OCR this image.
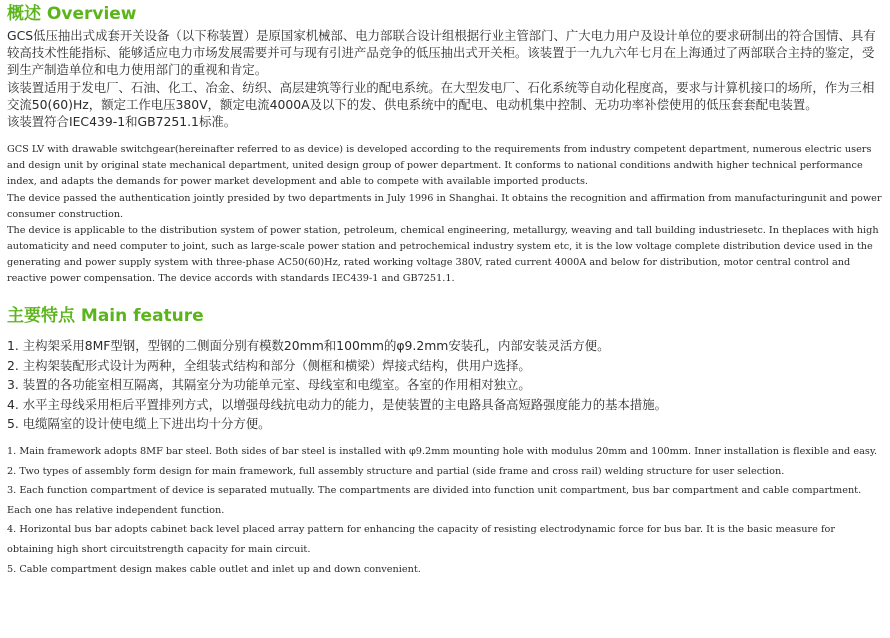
概述 Overview

GCS低压抽出式成套开关设备（以下称装置）是原国家机械部、电力部联合设计组根据行业主管部门、广大电力用户及设计单位的要求研制出的符合国情、具有较高技术性能指标、能够适应电力市场发展需要并可与现有引进产品竞争的低压抽出式开关柜。该装置于一九九六年七月在上海通过了两部联合主持的鉴定，受到生产制造单位和电力使用部门的重视和肯定。

该装置适用于发电厂、石油、化工、冶金、纺织、高层建筑等行业的配电系统。在大型发电厂、石化系统等自动化程度高，要求与计算机接口的场所，作为三相交流50(60)Hz，额定工作电压380V，额定电流4000A及以下的发、供电系统中的配电、电动机集中控制、无功功率补偿使用的低压套套配电装置。

该装置符合IEC439-1和GB7251.1标准。

GCS LV with drawable switchgear(hereinafter referred to as device) is developed according to the requirements from industry competent department, numerous electric users and design unit by original state mechanical department, united design group of power department. It conforms to national conditions andwith higher technical performance index, and adapts the demands for power market development and able to compete with available imported products.

The device passed the authentication jointly presided by two departments in July 1996 in Shanghai. It obtains the recognition and affirmation from manufacturingunit and power consumer construction.

The device is applicable to the distribution system of power station, petroleum, chemical engineering, metallurgy, weaving and tall building industriesetc. In theplaces with high automaticity and need computer to joint, such as large-scale power station and petrochemical industry system etc, it is the low voltage complete distribution device used in the generating and power supply system with three-phase AC50(60)Hz, rated working voltage 380V, rated current 4000A and below for distribution, motor central control and reactive power compensation. The device accords with standards IEC439-1 and GB7251.1.

主要特点 Main feature

1. 主构架采用8MF型钢，型钢的二侧面分别有模数20mm和100mm的φ9.2mm安装孔，内部安装灵活方便。

2. 主构架装配形式设计为两种，全组装式结构和部分（侧框和横梁）焊接式结构，供用户选择。

3. 装置的各功能室相互隔离，其隔室分为功能单元室、母线室和电缆室。各室的作用相对独立。

4. 水平主母线采用柜后平置排列方式，以增强母线抗电动力的能力，是使装置的主电路具备高短路强度能力的基本措施。

5. 电缆隔室的设计使电缆上下进出均十分方便。

1. Main framework adopts 8MF bar steel. Both sides of bar steel is installed with φ9.2mm mounting hole with modulus 20mm and 100mm. Inner installation is flexible and easy.

2. Two types of assembly form design for main framework, full assembly structure and partial (side frame and cross rail) welding structure for user selection.

3. Each function compartment of device is separated mutually. The compartments are divided into function unit compartment, bus bar compartment and cable compartment. Each one has relative independent function.

4. Horizontal bus bar adopts cabinet back level placed array pattern for enhancing the capacity of resisting electrodynamic force for bus bar. It is the basic measure for obtaining high short circuitstrength capacity for main circuit.

5. Cable compartment design makes cable outlet and inlet up and down convenient.
